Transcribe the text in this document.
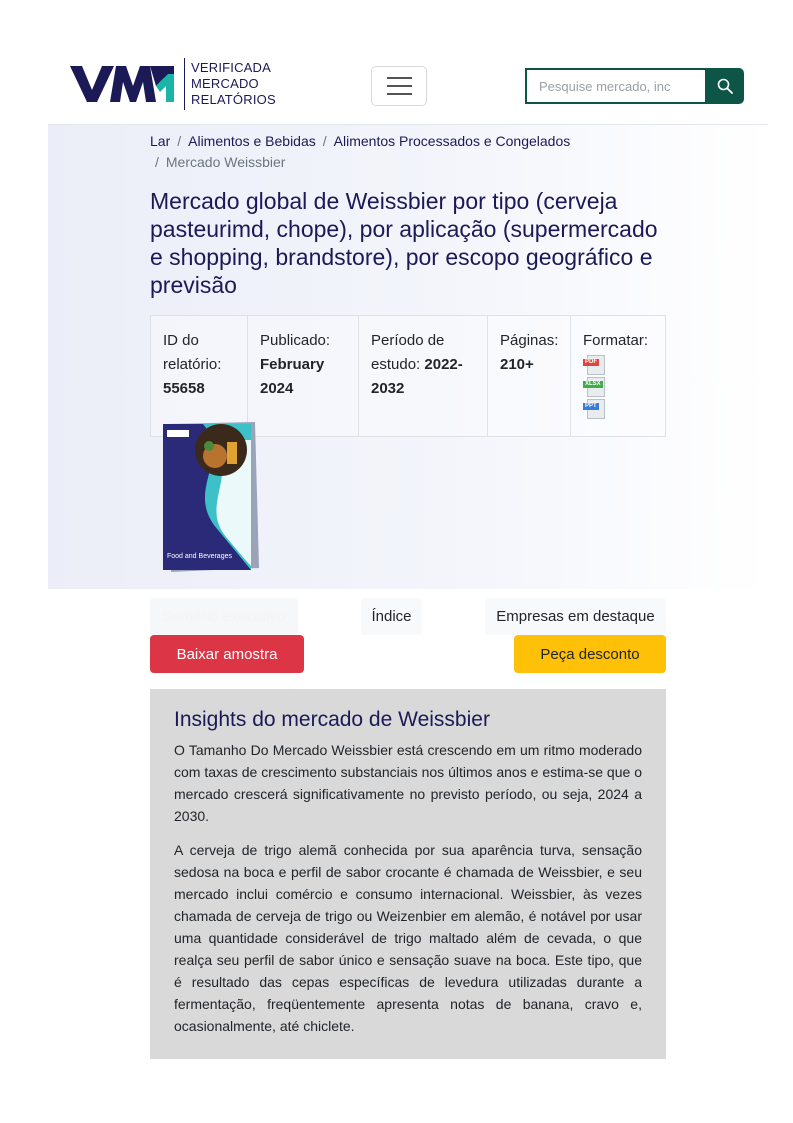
VERIFICADA
MERCADO
RELATÓRIOS
Pesquise mercado, inc
Lar / Alimentos e Bebidas / Alimentos Processados e Congelados
/ Mercado Weissbier
Mercado global de Weissbier por tipo (cerveja pasteurimd, chope), por aplicação (supermercado e shopping, brandstore), por escopo geográfico e previsão
ID do relatório:
55658
Publicado:
February 2024
Período de estudo: 2022-2032
Páginas:
210+
Formatar:
PDF
XLSX
PPT
Food and Beverages
Sumário executivo	Índice	Empresas em destaque
Baixar amostra	Peça desconto
Insights do mercado de Weissbier

O Tamanho Do Mercado Weissbier está crescendo em um ritmo moderado com taxas de crescimento substanciais nos últimos anos e estima-se que o mercado crescerá significativamente no previsto período, ou seja, 2024 a 2030.

A cerveja de trigo alemã conhecida por sua aparência turva, sensação sedosa na boca e perfil de sabor crocante é chamada de Weissbier, e seu mercado inclui comércio e consumo internacional. Weissbier, às vezes chamada de cerveja de trigo ou Weizenbier em alemão, é notável por usar uma quantidade considerável de trigo maltado além de cevada, o que realça seu perfil de sabor único e sensação suave na boca. Este tipo, que é resultado das cepas específicas de levedura utilizadas durante a fermentação, freqüentemente apresenta notas de banana, cravo e, ocasionalmente, até chiclete.
